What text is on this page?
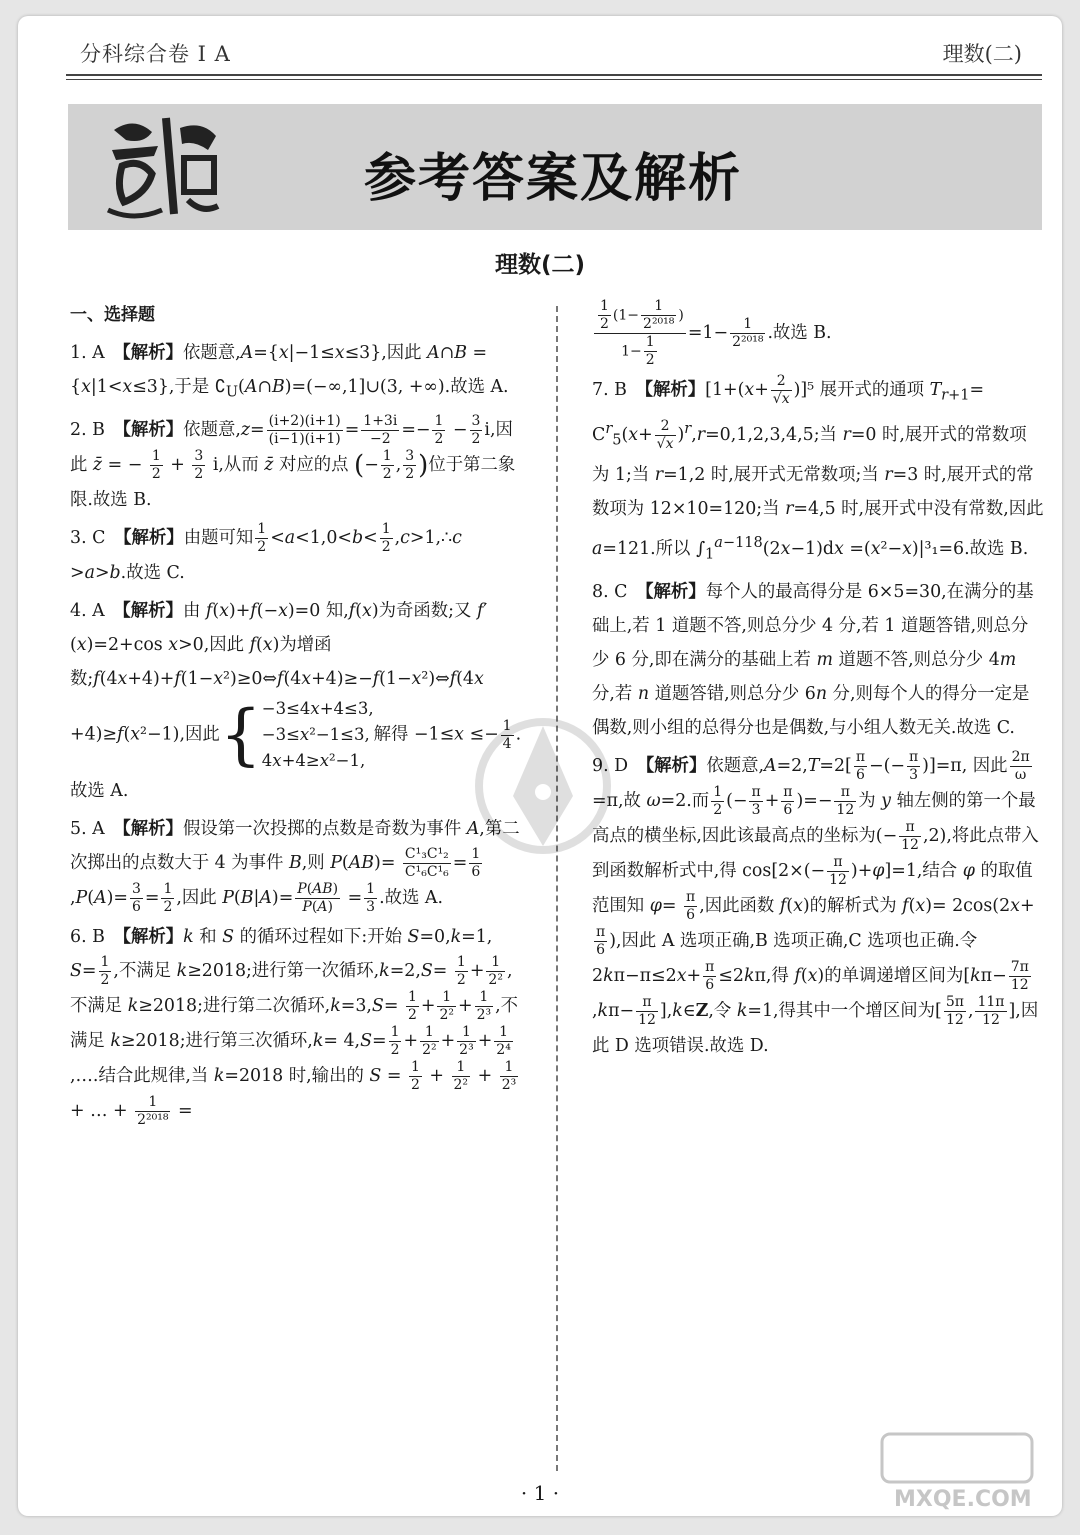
分科综合卷 I A	理数(二)
参考答案及解析
理数(二)

一、选择题

1. A　【解析】依题意,A={x|−1≤x≤3},因此 A∩B ={x|1<x≤3},于是 $∁_U(A\cap B)=(-\infty,1]\cup(3$, +∞).故选 A.

2. B　【解析】依题意$,z= \frac{(i+2)(i+1)}{(i-1)(i+1)} = \frac{1+3i}{-2} =- \frac{1}{2} - \frac{3}{2} i$,因此 z̄ = − $\frac{1}{2} + \frac{3}{2} i$,从而 z̄ 对应的点 (− $\frac{1}{2}$ , $\frac{3}{2}$ )位于第二象限.故选 B.

3. C　【解析】由题可知 $\frac{1}{2} <a<1,0<b< \frac{1}{2}$ ,c>1,∴c >a>b.故选 C.

4. A　【解析】由 f(x)+f(−x)=0 知,f(x)为奇函数;又 f′(x)=2+cos x>0,因此 f(x)为增函数;f(4x+4)+f(1−x²)≥0⇔f(4x+4)≥−f(1−x²)⇔f(4x +4)≥f(x²−1),因此{−3≤4x+4≤3,
−3≤x²−1≤3,
4x+4≥x²−1,解得 $-1\le x \le- \frac{1}{4}$ .故选 A.

5. A　【解析】假设第一次投掷的点数是奇数为事件 A,第二次掷出的点数大于 4 为事件 B,则 $P(AB)= \frac{\text{C¹₃C¹₂}}{\text{C¹₆C¹₆}} = \frac{1}{6}$
$,P(A)= \frac{3}{6} = \frac{1}{2}$ ,因此 $P(B|A)= \frac{P(AB)}{P(A)} = \frac{1}{3}$ .故选 A.

6. B　【解析】k 和 S 的循环过程如下:开始 S=0,k=1, $S= \frac{1}{2}$ ,不满足 k≥2018;进行第一次循环$,k=2,S= \frac{1}{2} + \frac{1}{\text{2²}}$ ,不满足 k≥2018;进行第二次循环$,k=3,S= \frac{1}{2} + \frac{1}{\text{2²}} + \frac{1}{\text{2³}}$ ,不满足 k≥2018;进行第三次循环$,k= 4,S= \frac{1}{2} + \frac{1}{\text{2²}} + \frac{1}{\text{2³}} + \frac{1}{\text{2⁴}}$
,….结合此规律,当 k=2018 时,输出的 $S = \frac{1}{2} + \frac{1}{\text{2²}} + \frac{1}{\text{2³}}$
+ … + $\frac{1}{\text{2²⁰¹⁸}}$ =

$\frac{\frac{1}{2} (1- \frac{1}{\text{2²⁰¹⁸}} )}{1- \frac{1}{2}} =1- \frac{1}{\text{2²⁰¹⁸}}$ .故选 B.

7. B　【解析】$[1+(x+ \frac{2}{√x} )]^5$ 展开式的通项 $T_{r+1}= C^r_5(x+ \frac{2}{√x} )^r,r=0,1,2,3,4,5$;当 r=0 时,展开式的常数项为 1;当 r=1,2 时,展开式无常数项;当 r=3 时,展开式的常数项为 12×10=120;当 r=4,5 时,展开式中没有常数,因此 a=121.所以 $\int_1^{a-118}(2x-1)dx =(x^2-x)|^3_1=6$.故选 B.

8. C　【解析】每个人的最高得分是 6×5=30,在满分的基础上,若 1 道题不答,则总分少 4 分,若 1 道题答错,则总分少 6 分,即在满分的基础上若 m 道题不答,则总分少 4m 分,若 n 道题答错,则总分少 6n 分,则每个人的得分一定是偶数,则小组的总得分也是偶数,与小组人数无关.故选 C.

9. D　【解析】依题意$,A=2,T=2[ \frac{\pi}{6}$ −(− $\frac{\pi}{3} )]=\pi$, 因此 $\frac{2\pi}{\omega}$
=π,故 ω=2.而 $\frac{1}{2}$ (− $\frac{\pi}{3} + \frac{\pi}{6}$ )=− $\frac{\pi}{12}$ 为 y 轴左侧的第一个最高点的横坐标,因此该最高点的坐标为(− $\frac{\pi}{12} ,2$),将此点带入到函数解析式中,得 $\cos[2\times(- \frac{\pi}{12} )+\varphi]=1$,结合 φ 的取值范围知 $\varphi= \frac{\pi}{6}$ ,因此函数 f(x)的解析式为 f(x)= 2cos(2x+
$\frac{\pi}{6}$ ),因此 A 选项正确,B 选项正确,C 选项也正确.令 $2k\pi-\pi\le 2x+ \frac{\pi}{6} \le 2k\pi$,得 f(x)的单调递增区间为[$k\pi- \frac{7\pi}{12}$
$,k\pi- \frac{\pi}{12}$ ],k∈Z,令 k=1,得其中一个增区间为[ $\frac{5\pi}{12}$ , $\frac{11\pi}{12}$ ],因此 D 选项错误.故选 D.

· 1 ·	MXQE.COM
